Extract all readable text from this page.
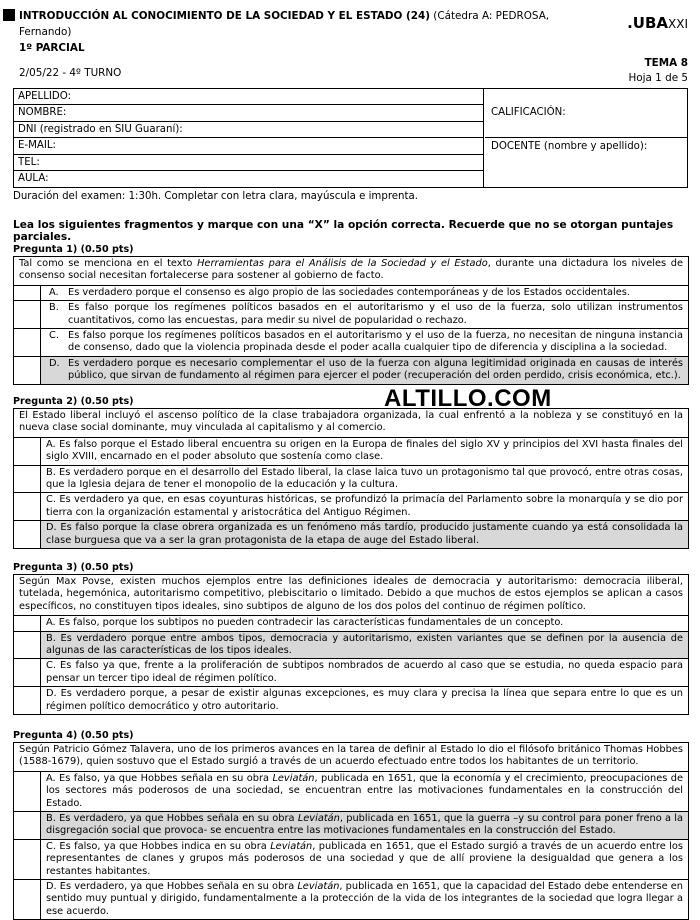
INTRODUCCIÓN AL CONOCIMIENTO DE LA SOCIEDAD Y EL ESTADO (24) (Cátedra A: PEDROSA,
Fernando)
1º PARCIAL
.UBAXXI
2/05/22 - 4º TURNO
TEMA 8
Hoja 1 de 5
APELLIDO:
NOMBRE:
DNI (registrado en SIU Guaraní):
E-MAIL:
TEL:
AULA:
CALIFICACIÓN:
DOCENTE (nombre y apellido):
Duración del examen: 1:30h. Completar con letra clara, mayúscula e imprenta.
Lea los siguientes fragmentos y marque con una “X” la opción correcta. Recuerde que no se otorgan puntajes parciales.
Pregunta 1) (0.50 pts)
Tal como se menciona en el texto Herramientas para el Análisis de la Sociedad y el Estado, durante una dictadura los niveles de consenso social necesitan fortalecerse para sostener al gobierno de facto.
A. Es verdadero porque el consenso es algo propio de las sociedades contemporáneas y de los Estados occidentales.
B. Es falso porque los regímenes políticos basados en el autoritarismo y el uso de la fuerza, solo utilizan instrumentos cuantitativos, como las encuestas, para medir su nivel de popularidad o rechazo.
C. Es falso porque los regímenes políticos basados en el autoritarismo y el uso de la fuerza, no necesitan de ninguna instancia de consenso, dado que la violencia propinada desde el poder acalla cualquier tipo de diferencia y disciplina a la sociedad.
D. Es verdadero porque es necesario complementar el uso de la fuerza con alguna legitimidad originada en causas de interés público, que sirvan de fundamento al régimen para ejercer el poder (recuperación del orden perdido, crisis económica, etc.).
ALTILLO.COM
Pregunta 2) (0.50 pts)
El Estado liberal incluyó el ascenso político de la clase trabajadora organizada, la cual enfrentó a la nobleza y se constituyó en la nueva clase social dominante, muy vinculada al capitalismo y al comercio.
A. Es falso porque el Estado liberal encuentra su origen en la Europa de finales del siglo XV y principios del XVI hasta finales del siglo XVIII, encarnado en el poder absoluto que sostenía como clase.
B. Es verdadero porque en el desarrollo del Estado liberal, la clase laica tuvo un protagonismo tal que provocó, entre otras cosas, que la Iglesia dejara de tener el monopolio de la educación y la cultura.
C. Es verdadero ya que, en esas coyunturas históricas, se profundizó la primacía del Parlamento sobre la monarquía y se dio por tierra con la organización estamental y aristocrática del Antiguo Régimen.
D. Es falso porque la clase obrera organizada es un fenómeno más tardío, producido justamente cuando ya está consolidada la clase burguesa que va a ser la gran protagonista de la etapa de auge del Estado liberal.
Pregunta 3) (0.50 pts)
Según Max Povse, existen muchos ejemplos entre las definiciones ideales de democracia y autoritarismo: democracia iliberal, tutelada, hegemónica, autoritarismo competitivo, plebiscitario o limitado. Debido a que muchos de estos ejemplos se aplican a casos específicos, no constituyen tipos ideales, sino subtipos de alguno de los dos polos del continuo de régimen político.
A. Es falso, porque los subtipos no pueden contradecir las características fundamentales de un concepto.
B. Es verdadero porque entre ambos tipos, democracia y autoritarismo, existen variantes que se definen por la ausencia de algunas de las características de los tipos ideales.
C. Es falso ya que, frente a la proliferación de subtipos nombrados de acuerdo al caso que se estudia, no queda espacio para pensar un tercer tipo ideal de régimen político.
D. Es verdadero porque, a pesar de existir algunas excepciones, es muy clara y precisa la línea que separa entre lo que es un régimen político democrático y otro autoritario.
Pregunta 4) (0.50 pts)
Según Patricio Gómez Talavera, uno de los primeros avances en la tarea de definir al Estado lo dio el filósofo británico Thomas Hobbes (1588-1679), quien sostuvo que el Estado surgió a través de un acuerdo efectuado entre todos los habitantes de un territorio.
A. Es falso, ya que Hobbes señala en su obra Leviatán, publicada en 1651, que la economía y el crecimiento, preocupaciones de los sectores más poderosos de una sociedad, se encuentran entre las motivaciones fundamentales en la construcción del Estado.
B. Es verdadero, ya que Hobbes señala en su obra Leviatán, publicada en 1651, que la guerra –y su control para poner freno a la disgregación social que provoca- se encuentra entre las motivaciones fundamentales en la construcción del Estado.
C. Es falso, ya que Hobbes indica en su obra Leviatán, publicada en 1651, que el Estado surgió a través de un acuerdo entre los representantes de clanes y grupos más poderosos de una sociedad y que de allí proviene la desigualdad que genera a los restantes habitantes.
D. Es verdadero, ya que Hobbes señala en su obra Leviatán, publicada en 1651, que la capacidad del Estado debe entenderse en sentido muy puntual y dirigido, fundamentalmente a la protección de la vida de los integrantes de la sociedad que logra llegar a ese acuerdo.
